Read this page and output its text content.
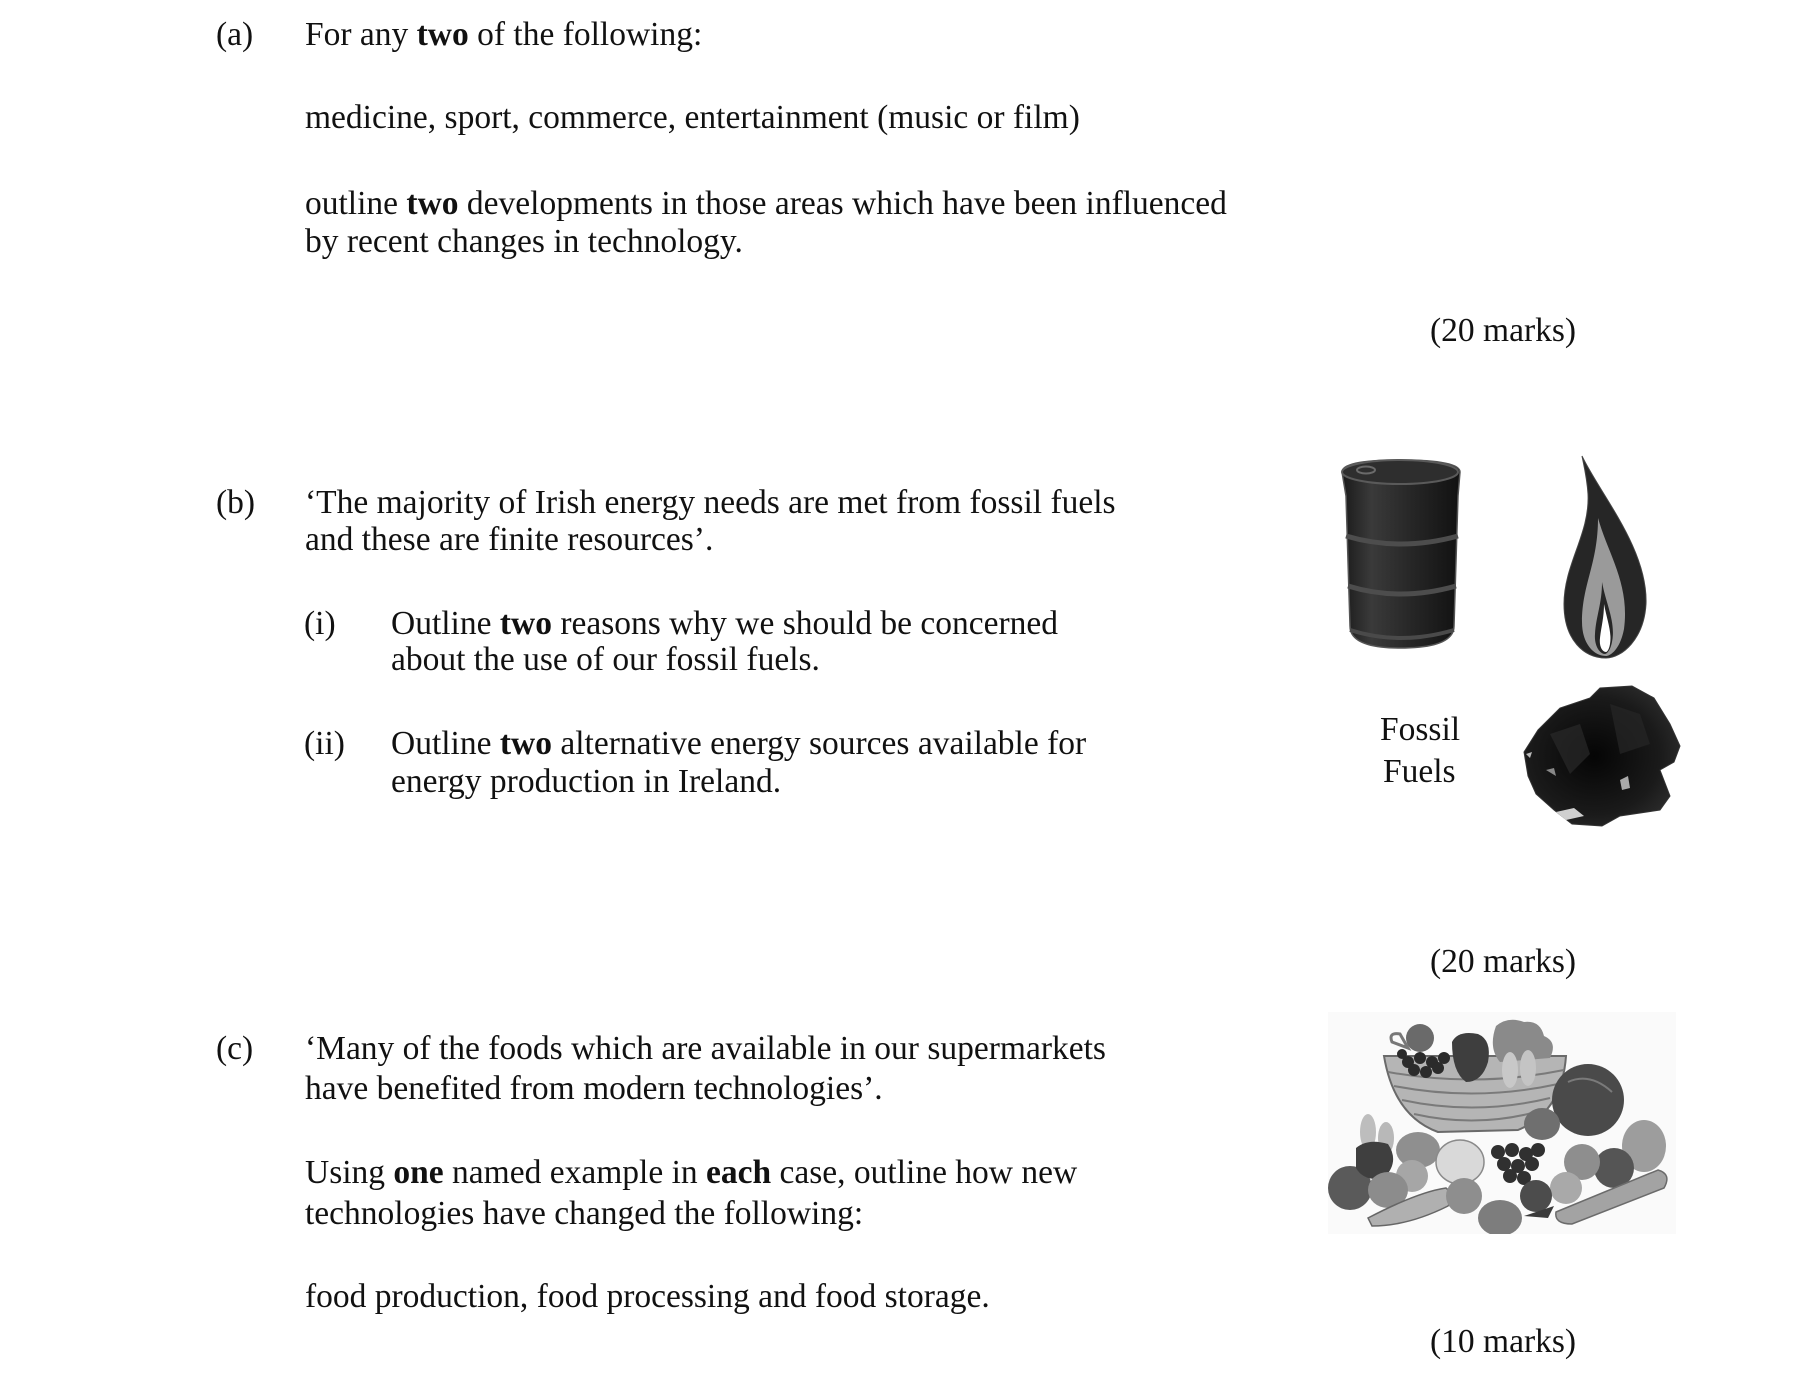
(a) For any two of the following:
medicine, sport, commerce, entertainment (music or film)
outline two developments in those areas which have been influenced
by recent changes in technology.
(20 marks)
(b) ‘The majority of Irish energy needs are met from fossil fuels
and these are finite resources’.
(i) Outline two reasons why we should be concerned
about the use of our fossil fuels.
(ii) Outline two alternative energy sources available for
energy production in Ireland.
Fossil
Fuels
(20 marks)
(c) ‘Many of the foods which are available in our supermarkets
have benefited from modern technologies’.
Using one named example in each case, outline how new
technologies have changed the following:
food production, food processing and food storage.
(10 marks)
